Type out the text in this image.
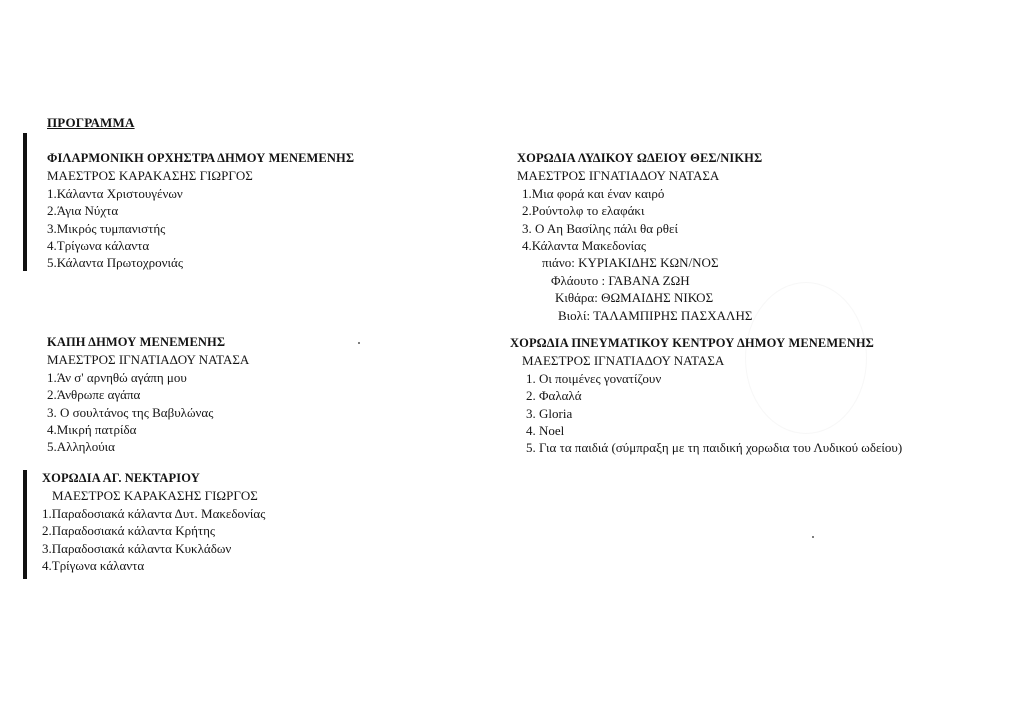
ΠΡΟΓΡΑΜΜΑ
ΦΙΛΑΡΜΟΝΙΚΗ ΟΡΧΗΣΤΡΑ ΔΗΜΟΥ ΜΕΝΕΜΕΝΗΣ
ΜΑΕΣΤΡΟΣ ΚΑΡΑΚΑΣΗΣ ΓΙΩΡΓΟΣ
1.Κάλαντα Χριστουγένων
2.Άγια Νύχτα
3.Μικρός τυμπανιστής
4.Τρίγωνα κάλαντα
5.Κάλαντα Πρωτοχρονιάς
ΚΑΠΗ ΔΗΜΟΥ ΜΕΝΕΜΕΝΗΣ
ΜΑΕΣΤΡΟΣ ΙΓΝΑΤΙΑΔΟΥ ΝΑΤΑΣΑ
1.Άν σ' αρνηθώ αγάπη μου
2.Άνθρωπε αγάπα
3. Ο σουλτάνος της Βαβυλώνας
4.Μικρή πατρίδα
5.Αλληλούια
ΧΟΡΩΔΙΑ ΑΓ. ΝΕΚΤΑΡΙΟΥ
ΜΑΕΣΤΡΟΣ ΚΑΡΑΚΑΣΗΣ ΓΙΩΡΓΟΣ
1.Παραδοσιακά κάλαντα Δυτ. Μακεδονίας
2.Παραδοσιακά κάλαντα Κρήτης
3.Παραδοσιακά κάλαντα Κυκλάδων
4.Τρίγωνα κάλαντα
ΧΟΡΩΔΙΑ ΛΥΔΙΚΟΥ ΩΔΕΙΟΥ ΘΕΣ/ΝΙΚΗΣ
ΜΑΕΣΤΡΟΣ ΙΓΝΑΤΙΑΔΟΥ ΝΑΤΑΣΑ
1.Μια φορά και έναν καιρό
2.Ρούντολφ το ελαφάκι
3. Ο Αη Βασίλης πάλι θα ρθεί
4.Κάλαντα Μακεδονίας
πιάνο: ΚΥΡΙΑΚΙΔΗΣ ΚΩΝ/ΝΟΣ
Φλάουτο : ΓΑΒΑΝΑ ΖΩΗ
Κιθάρα: ΘΩΜΑΙΔΗΣ ΝΙΚΟΣ
Βιολί: ΤΑΛΑΜΠΙΡΗΣ ΠΑΣΧΑΛΗΣ
ΧΟΡΩΔΙΑ ΠΝΕΥΜΑΤΙΚΟΥ ΚΕΝΤΡΟΥ ΔΗΜΟΥ ΜΕΝΕΜΕΝΗΣ
ΜΑΕΣΤΡΟΣ ΙΓΝΑΤΙΑΔΟΥ ΝΑΤΑΣΑ
1. Οι ποιμένες γονατίζουν
2. Φαλαλά
3. Gloria
4. Noel
5. Για τα παιδιά (σύμπραξη με τη παιδική χορωδια του Λυδικού ωδείου)
